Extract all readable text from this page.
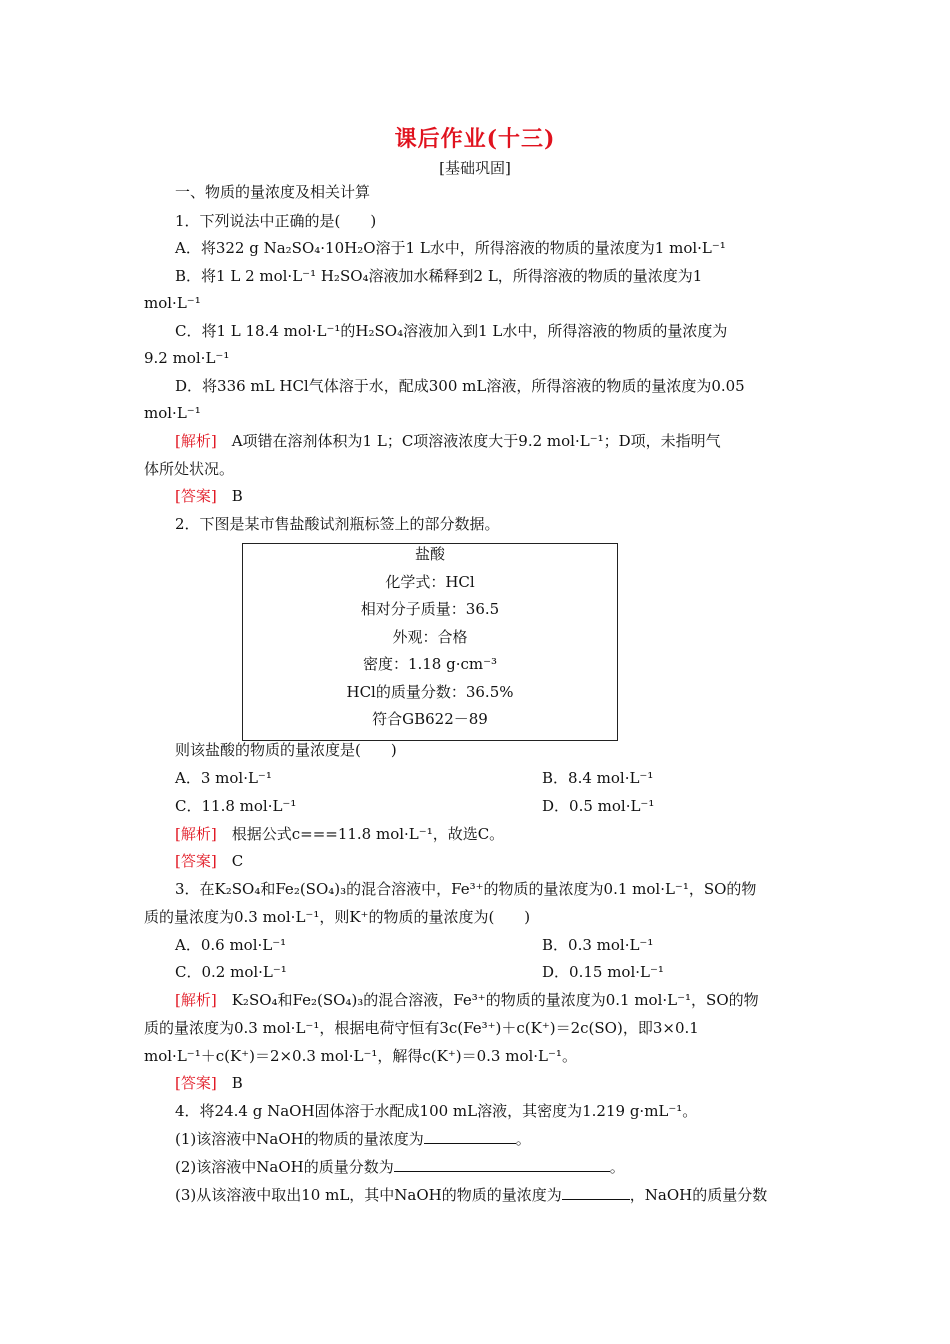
课后作业(十三)
[基础巩固]
一、物质的量浓度及相关计算
1．下列说法中正确的是(　　)
A．将322 g Na₂SO₄·10H₂O溶于1 L水中，所得溶液的物质的量浓度为1 mol·L⁻¹
B．将1 L 2 mol·L⁻¹ H₂SO₄溶液加水稀释到2 L，所得溶液的物质的量浓度为1
mol·L⁻¹
C．将1 L 18.4 mol·L⁻¹的H₂SO₄溶液加入到1 L水中，所得溶液的物质的量浓度为
9.2 mol·L⁻¹
D．将336 mL HCl气体溶于水，配成300 mL溶液，所得溶液的物质的量浓度为0.05
mol·L⁻¹
[解析]　A项错在溶剂体积为1 L；C项溶液浓度大于9.2 mol·L⁻¹；D项，未指明气
体所处状况。
[答案]　B
2．下图是某市售盐酸试剂瓶标签上的部分数据。
盐酸
化学式：HCl
相对分子质量：36.5
外观：合格
密度：1.18 g·cm⁻³
HCl的质量分数：36.5%
符合GB622－89
则该盐酸的物质的量浓度是(　　)
A．3 mol·L⁻¹	B．8.4 mol·L⁻¹
C．11.8 mol·L⁻¹	D．0.5 mol·L⁻¹
[解析]　根据公式c===11.8 mol·L⁻¹，故选C。
[答案]　C
3．在K₂SO₄和Fe₂(SO₄)₃的混合溶液中，Fe³⁺的物质的量浓度为0.1 mol·L⁻¹，SO的物
质的量浓度为0.3 mol·L⁻¹，则K⁺的物质的量浓度为(　　)
A．0.6 mol·L⁻¹	B．0.3 mol·L⁻¹
C．0.2 mol·L⁻¹	D．0.15 mol·L⁻¹
[解析]　K₂SO₄和Fe₂(SO₄)₃的混合溶液，Fe³⁺的物质的量浓度为0.1 mol·L⁻¹，SO的物
质的量浓度为0.3 mol·L⁻¹，根据电荷守恒有3c(Fe³⁺)＋c(K⁺)＝2c(SO)，即3×0.1
mol·L⁻¹＋c(K⁺)＝2×0.3 mol·L⁻¹，解得c(K⁺)＝0.3 mol·L⁻¹。
[答案]　B
4．将24.4 g NaOH固体溶于水配成100 mL溶液，其密度为1.219 g·mL⁻¹。
(1)该溶液中NaOH的物质的量浓度为	。
(2)该溶液中NaOH的质量分数为	。
(3)从该溶液中取出10 mL，其中NaOH的物质的量浓度为	，NaOH的质量分数
